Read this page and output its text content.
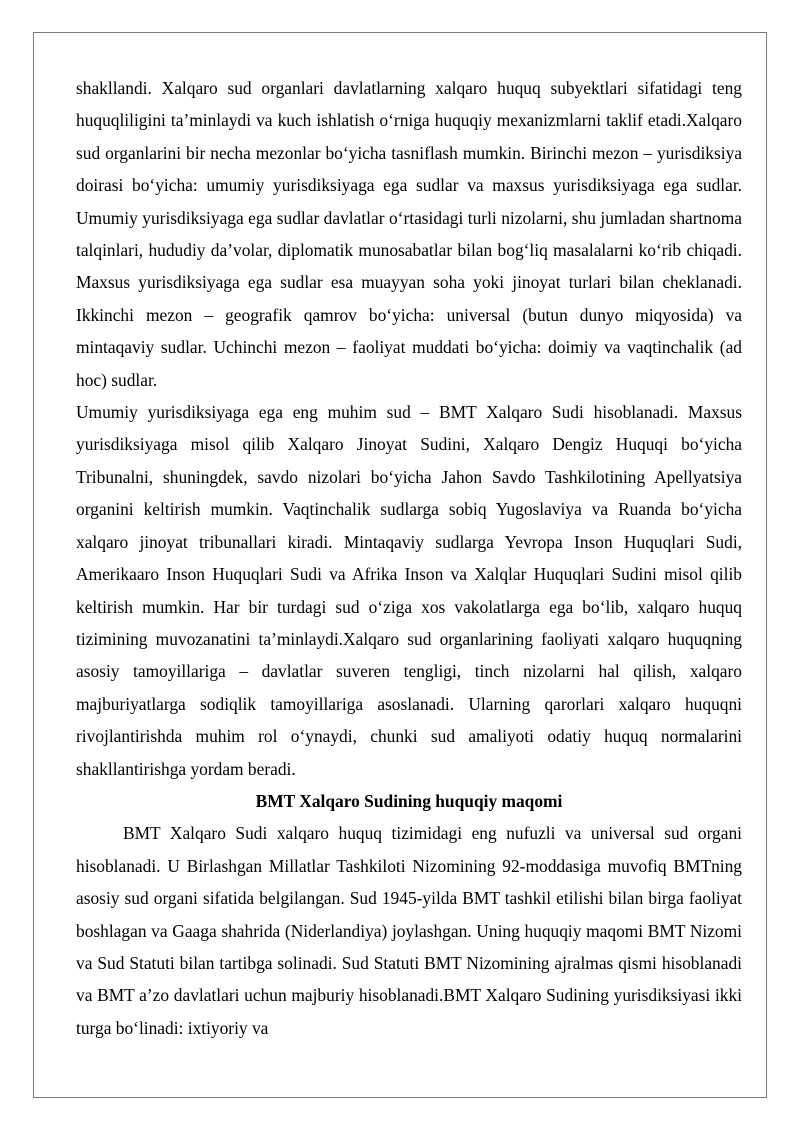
shakllandi. Xalqaro sud organlari davlatlarning xalqaro huquq subyektlari sifatidagi teng huquqliligini ta’minlaydi va kuch ishlatish o‘rniga huquqiy mexanizmlarni taklif etadi.Xalqaro sud organlarini bir necha mezonlar bo‘yicha tasniflash mumkin. Birinchi mezon – yurisdiksiya doirasi bo‘yicha: umumiy yurisdiksiyaga ega sudlar va maxsus yurisdiksiyaga ega sudlar. Umumiy yurisdiksiyaga ega sudlar davlatlar o‘rtasidagi turli nizolarni, shu jumladan shartnoma talqinlari, hududiy da’volar, diplomatik munosabatlar bilan bog‘liq masalalarni ko‘rib chiqadi. Maxsus yurisdiksiyaga ega sudlar esa muayyan soha yoki jinoyat turlari bilan cheklanadi. Ikkinchi mezon – geografik qamrov bo‘yicha: universal (butun dunyo miqyosida) va mintaqaviy sudlar. Uchinchi mezon – faoliyat muddati bo‘yicha: doimiy va vaqtinchalik (ad hoc) sudlar.

Umumiy yurisdiksiyaga ega eng muhim sud – BMT Xalqaro Sudi hisoblanadi. Maxsus yurisdiksiyaga misol qilib Xalqaro Jinoyat Sudini, Xalqaro Dengiz Huquqi bo‘yicha Tribunalni, shuningdek, savdo nizolari bo‘yicha Jahon Savdo Tashkilotining Apellyatsiya organini keltirish mumkin. Vaqtinchalik sudlarga sobiq Yugoslaviya va Ruanda bo‘yicha xalqaro jinoyat tribunallari kiradi. Mintaqaviy sudlarga Yevropa Inson Huquqlari Sudi, Amerikaaro Inson Huquqlari Sudi va Afrika Inson va Xalqlar Huquqlari Sudini misol qilib keltirish mumkin. Har bir turdagi sud o‘ziga xos vakolatlarga ega bo‘lib, xalqaro huquq tizimining muvozanatini ta’minlaydi.Xalqaro sud organlarining faoliyati xalqaro huquqning asosiy tamoyillariga – davlatlar suveren tengligi, tinch nizolarni hal qilish, xalqaro majburiyatlarga sodiqlik tamoyillariga asoslanadi. Ularning qarorlari xalqaro huquqni rivojlantirishda muhim rol o‘ynaydi, chunki sud amaliyoti odatiy huquq normalarini shakllantirishga yordam beradi.

BMT Xalqaro Sudining huquqiy maqomi

BMT Xalqaro Sudi xalqaro huquq tizimidagi eng nufuzli va universal sud organi hisoblanadi. U Birlashgan Millatlar Tashkiloti Nizomining 92-moddasiga muvofiq BMTning asosiy sud organi sifatida belgilangan. Sud 1945-yilda BMT tashkil etilishi bilan birga faoliyat boshlagan va Gaaga shahrida (Niderlandiya) joylashgan. Uning huquqiy maqomi BMT Nizomi va Sud Statuti bilan tartibga solinadi. Sud Statuti BMT Nizomining ajralmas qismi hisoblanadi va BMT a’zo davlatlari uchun majburiy hisoblanadi.BMT Xalqaro Sudining yurisdiksiyasi ikki turga bo‘linadi: ixtiyoriy va
